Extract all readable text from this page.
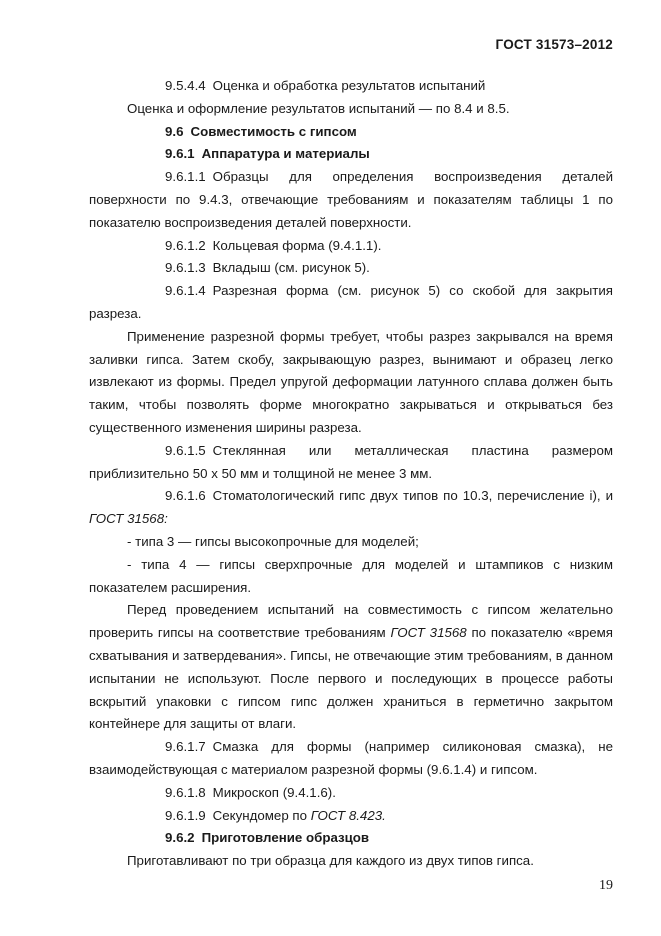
ГОСТ 31573–2012

9.5.4.4 Оценка и обработка результатов испытаний

Оценка и оформление результатов испытаний — по 8.4 и 8.5.

9.6 Совместимость с гипсом

9.6.1 Аппаратура и материалы

9.6.1.1 Образцы для определения воспроизведения деталей поверхности по 9.4.3, отвечающие требованиям и показателям таблицы 1 по показателю воспроизведения деталей поверхности.

9.6.1.2 Кольцевая форма (9.4.1.1).

9.6.1.3 Вкладыш (см. рисунок 5).

9.6.1.4 Разрезная форма (см. рисунок 5) со скобой для закрытия разреза.

Применение разрезной формы требует, чтобы разрез закрывался на время заливки гипса. Затем скобу, закрывающую разрез, вынимают и образец легко извлекают из формы. Предел упругой деформации латунного сплава должен быть таким, чтобы позволять форме многократно закрываться и открываться без существенного изменения ширины разреза.

9.6.1.5 Стеклянная или металлическая пластина размером приблизительно 50 х 50 мм и толщиной не менее 3 мм.

9.6.1.6 Стоматологический гипс двух типов по 10.3, перечисление i), и ГОСТ 31568:

- типа 3 — гипсы высокопрочные для моделей;

- типа 4 — гипсы сверхпрочные для моделей и штампиков с низким показателем расширения.

Перед проведением испытаний на совместимость с гипсом желательно проверить гипсы на соответствие требованиям ГОСТ 31568 по показателю «время схватывания и затвердевания». Гипсы, не отвечающие этим требованиям, в данном испытании не используют. После первого и последующих в процессе работы вскрытий упаковки с гипсом гипс должен храниться в герметично закрытом контейнере для защиты от влаги.

9.6.1.7 Смазка для формы (например силиконовая смазка), не взаимодействующая с материалом разрезной формы (9.6.1.4) и гипсом.

9.6.1.8 Микроскоп (9.4.1.6).

9.6.1.9 Секундомер по ГОСТ 8.423.

9.6.2 Приготовление образцов

Приготавливают по три образца для каждого из двух типов гипса.

19
